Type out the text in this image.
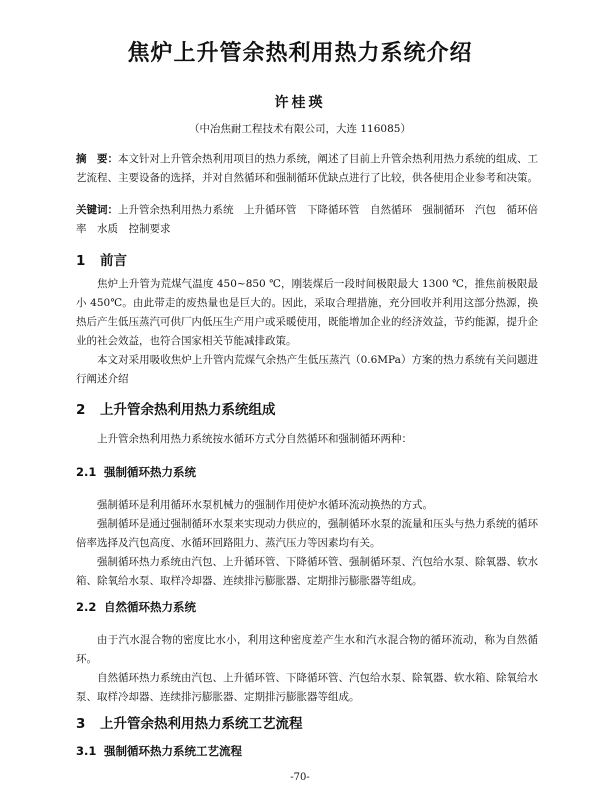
焦炉上升管余热利用热力系统介绍
许桂瑛
（中冶焦耐工程技术有限公司，大连 116085）

摘　要：本文针对上升管余热利用项目的热力系统，阐述了目前上升管余热利用热力系统的组成、工艺流程、主要设备的选择，并对自然循环和强制循环优缺点进行了比较，供各使用企业参考和决策。

关键词：上升管余热利用热力系统　上升循环管　下降循环管　自然循环　强制循环　汽包　循环倍率　水质　控制要求

1 前言

焦炉上升管为荒煤气温度 450~850 ℃，刚装煤后一段时间极限最大 1300 ℃，推焦前极限最小 450℃。由此带走的废热量也是巨大的。因此，采取合理措施，充分回收并利用这部分热源，换热后产生低压蒸汽可供厂内低压生产用户或采暖使用，既能增加企业的经济效益，节约能源，提升企业的社会效益，也符合国家相关节能减排政策。

本文对采用吸收焦炉上升管内荒煤气余热产生低压蒸汽（0.6MPa）方案的热力系统有关问题进行阐述介绍

2 上升管余热利用热力系统组成

上升管余热利用热力系统按水循环方式分自然循环和强制循环两种：

2.1 强制循环热力系统

强制循环是利用循环水泵机械力的强制作用使炉水循环流动换热的方式。

强制循环是通过强制循环水泵来实现动力供应的，强制循环水泵的流量和压头与热力系统的循环倍率选择及汽包高度、水循环回路阻力、蒸汽压力等因素均有关。

强制循环热力系统由汽包、上升循环管、下降循环管、强制循环泵、汽包给水泵、除氧器、软水箱、除氧给水泵、取样冷却器、连续排污膨胀器、定期排污膨胀器等组成。

2.2 自然循环热力系统

由于汽水混合物的密度比水小，利用这种密度差产生水和汽水混合物的循环流动，称为自然循环。

自然循环热力系统由汽包、上升循环管、下降循环管、汽包给水泵、除氧器、软水箱、除氧给水泵、取样冷却器、连续排污膨胀器、定期排污膨胀器等组成。

3 上升管余热利用热力系统工艺流程
3.1 强制循环热力系统工艺流程
-70-
